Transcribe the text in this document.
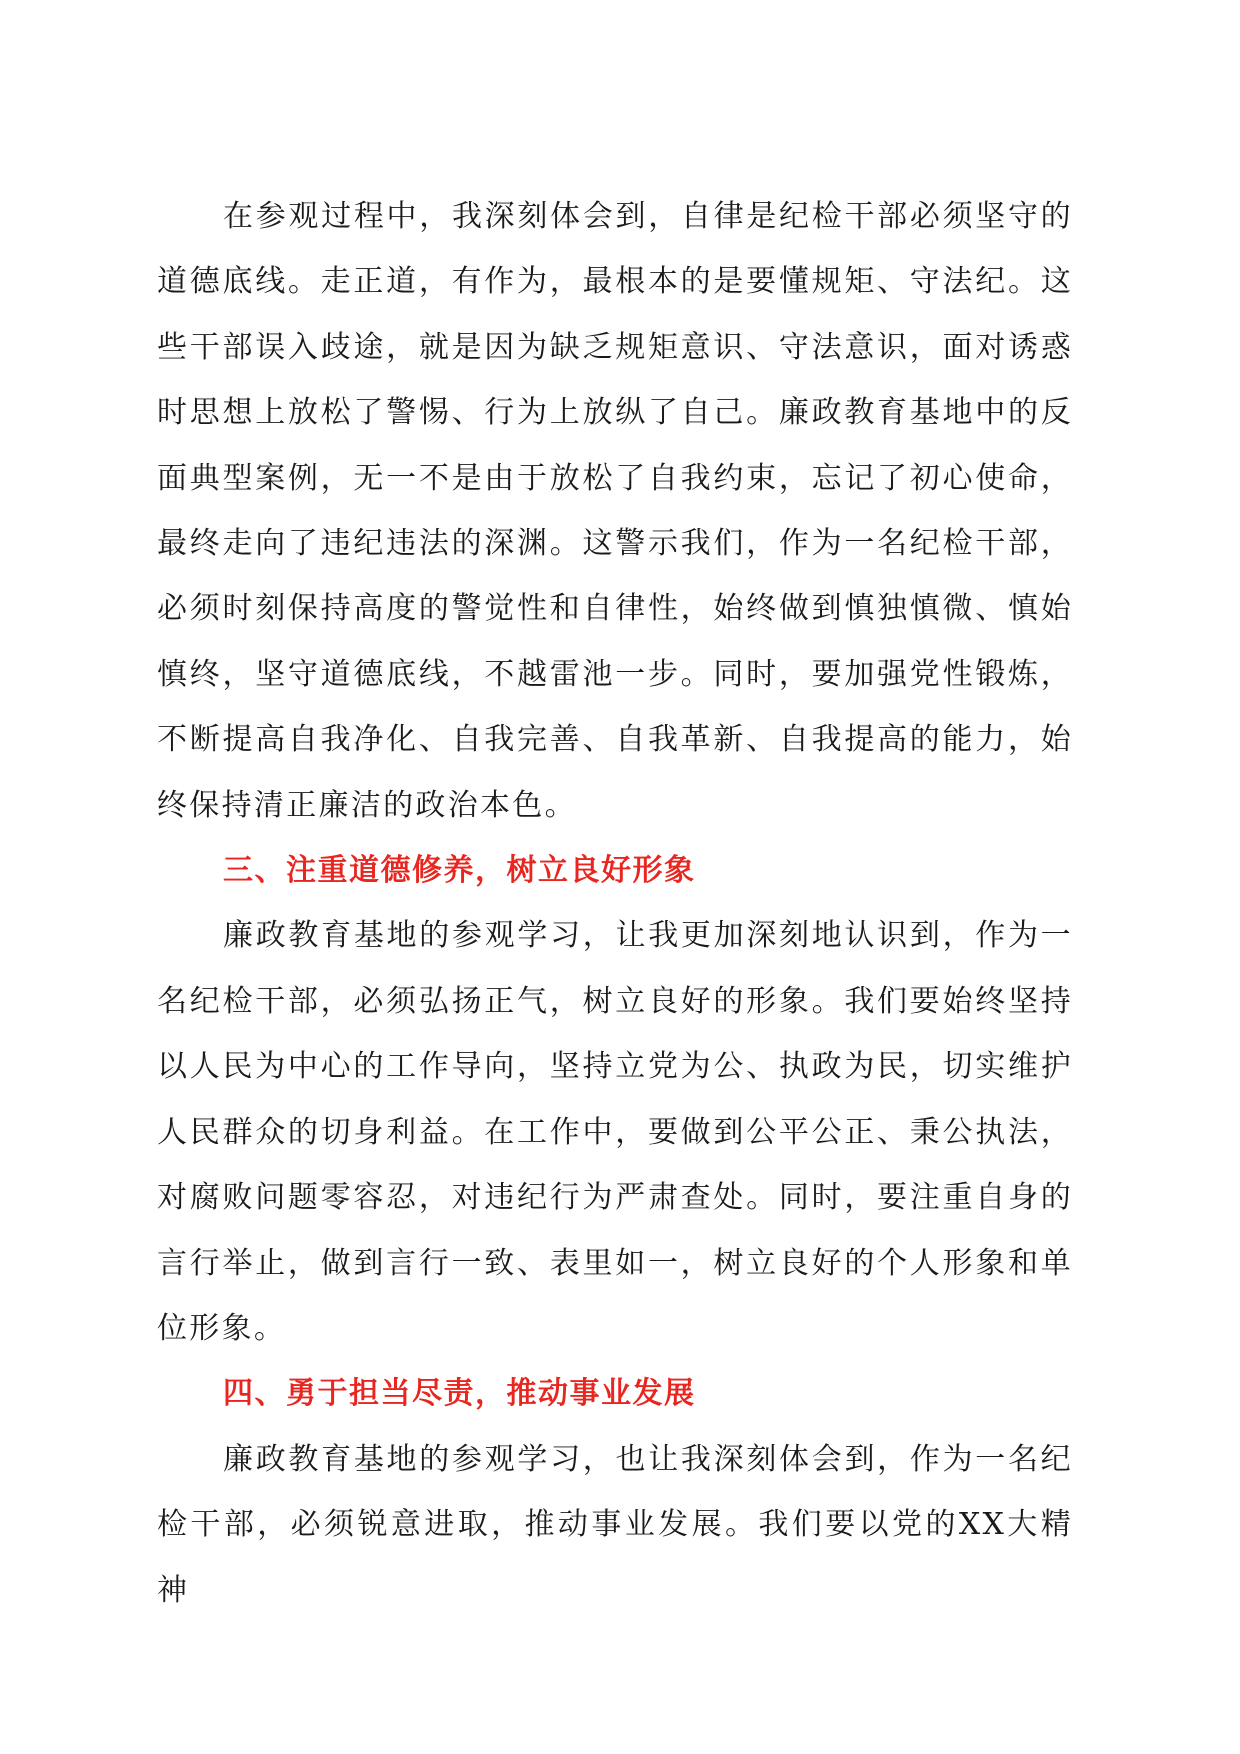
在参观过程中，我深刻体会到，自律是纪检干部必须坚守的道德底线。走正道，有作为，最根本的是要懂规矩、守法纪。这些干部误入歧途，就是因为缺乏规矩意识、守法意识，面对诱惑时思想上放松了警惕、行为上放纵了自己。廉政教育基地中的反面典型案例，无一不是由于放松了自我约束，忘记了初心使命，最终走向了违纪违法的深渊。这警示我们，作为一名纪检干部，必须时刻保持高度的警觉性和自律性，始终做到慎独慎微、慎始慎终，坚守道德底线，不越雷池一步。同时，要加强党性锻炼，不断提高自我净化、自我完善、自我革新、自我提高的能力，始终保持清正廉洁的政治本色。

三、注重道德修养，树立良好形象

廉政教育基地的参观学习，让我更加深刻地认识到，作为一名纪检干部，必须弘扬正气，树立良好的形象。我们要始终坚持以人民为中心的工作导向，坚持立党为公、执政为民，切实维护人民群众的切身利益。在工作中，要做到公平公正、秉公执法，对腐败问题零容忍，对违纪行为严肃查处。同时，要注重自身的言行举止，做到言行一致、表里如一，树立良好的个人形象和单位形象。

四、勇于担当尽责，推动事业发展

廉政教育基地的参观学习，也让我深刻体会到，作为一名纪检干部，必须锐意进取，推动事业发展。我们要以党的XX大精神
